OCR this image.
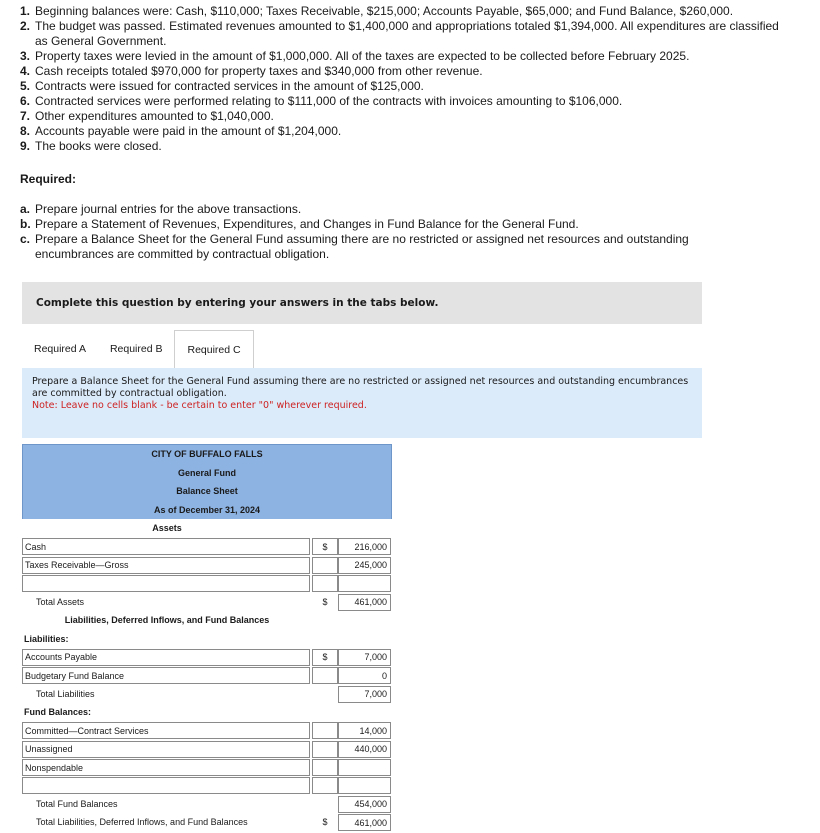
1. Beginning balances were: Cash, $110,000; Taxes Receivable, $215,000; Accounts Payable, $65,000; and Fund Balance, $260,000.
2. The budget was passed. Estimated revenues amounted to $1,400,000 and appropriations totaled $1,394,000. All expenditures are classified as General Government.
3. Property taxes were levied in the amount of $1,000,000. All of the taxes are expected to be collected before February 2025.
4. Cash receipts totaled $970,000 for property taxes and $340,000 from other revenue.
5. Contracts were issued for contracted services in the amount of $125,000.
6. Contracted services were performed relating to $111,000 of the contracts with invoices amounting to $106,000.
7. Other expenditures amounted to $1,040,000.
8. Accounts payable were paid in the amount of $1,204,000.
9. The books were closed.
Required:
a. Prepare journal entries for the above transactions.
b. Prepare a Statement of Revenues, Expenditures, and Changes in Fund Balance for the General Fund.
c. Prepare a Balance Sheet for the General Fund assuming there are no restricted or assigned net resources and outstanding encumbrances are committed by contractual obligation.
Complete this question by entering your answers in the tabs below.
Required A	Required B	Required C
Prepare a Balance Sheet for the General Fund assuming there are no restricted or assigned net resources and outstanding encumbrances are committed by contractual obligation.
Note: Leave no cells blank - be certain to enter "0" wherever required.
CITY OF BUFFALO FALLS
General Fund
Balance Sheet
As of December 31, 2024
Assets
Cash	$	216,000
Taxes Receivable—Gross	245,000
Total Assets	$	461,000
Liabilities, Deferred Inflows, and Fund Balances
Liabilities:
Accounts Payable	$	7,000
Budgetary Fund Balance	0
Total Liabilities	7,000
Fund Balances:
Committed—Contract Services	14,000
Unassigned	440,000
Nonspendable
Total Fund Balances	454,000
Total Liabilities, Deferred Inflows, and Fund Balances	$	461,000
